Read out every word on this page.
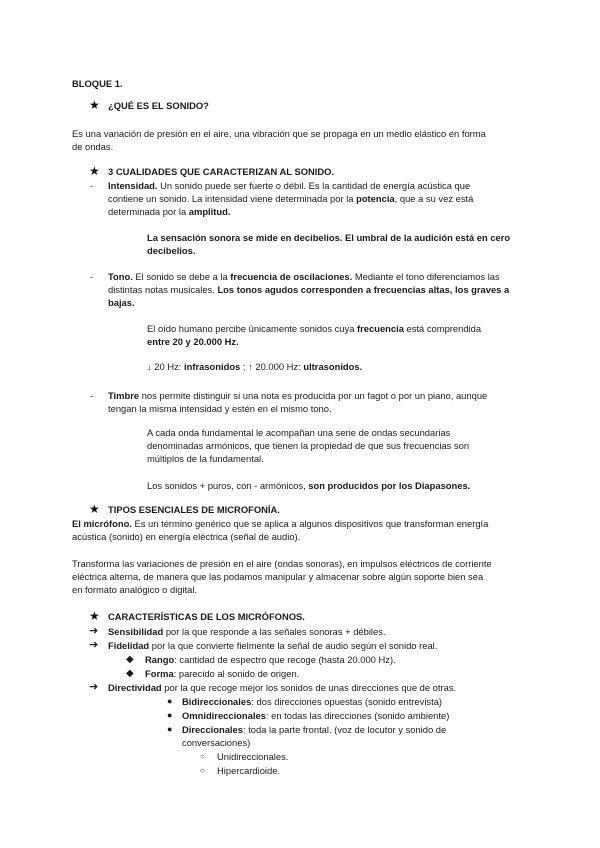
BLOQUE 1.
★ ¿QUÉ ES EL SONIDO?
Es una variación de presión en el aire, una vibración que se propaga en un medio elástico en forma
de ondas.
★ 3 CUALIDADES QUE CARACTERIZAN AL SONIDO.
- Intensidad. Un sonido puede ser fuerte o débil. Es la cantidad de energía acústica que
contiene un sonido. La intensidad viene determinada por la potencia, que a su vez está
determinada por la amplitud.
La sensación sonora se mide en decibelios. El umbral de la audición está en cero
decibelios.
- Tono. El sonido se debe a la frecuencia de oscilaciones. Mediante el tono diferenciamos las
distintas notas musicales. Los tonos agudos corresponden a frecuencias altas, los graves a
bajas.
El oído humano percibe únicamente sonidos cuya frecuencia está comprendida
entre 20 y 20.000 Hz.
↓ 20 Hz: infrasonidos ; ↑ 20.000 Hz: ultrasonidos.
- Timbre nos permite distinguir si una nota es producida por un fagot o por un piano, aunque
tengan la misma intensidad y estén en el mismo tono.
A cada onda fundamental le acompañan una serie de ondas secundarias
denominadas armónicos, que tienen la propiedad de que sus frecuencias son
múltiplos de la fundamental.
Los sonidos + puros, con - armónicos, son producidos por los Diapasones.
★ TIPOS ESENCIALES DE MICROFONÍA.
El micrófono. Es un término genérico que se aplica a algunos dispositivos que transforman energía
acústica (sonido) en energía eléctrica (señal de audio).
Transforma las variaciones de presión en el aire (ondas sonoras), en impulsos eléctricos de corriente
eléctrica alterna, de manera que las podamos manipular y almacenar sobre algún soporte bien sea
en formato analógico o digital.
★ CARACTERÍSTICAS DE LOS MICRÓFONOS.
➔ Sensibilidad por la que responde a las señales sonoras + débiles.
➔ Fidelidad por la que convierte fielmente la señal de audio según el sonido real.
◆ Rango: cantidad de espectro que recoge (hasta 20.000 Hz).
◆ Forma: parecido al sonido de origen.
➔ Directividad por la que recoge mejor los sonidos de unas direcciones que de otras.
● Bidireccionales: dos direcciones opuestas (sonido entrevista)
● Omnidireccionales: en todas las direcciones (sonido ambiente)
● Direccionales: toda la parte frontal. (voz de locutor y sonido de
conversaciones)
○ Unidireccionales.
○ Hipercardioide.
